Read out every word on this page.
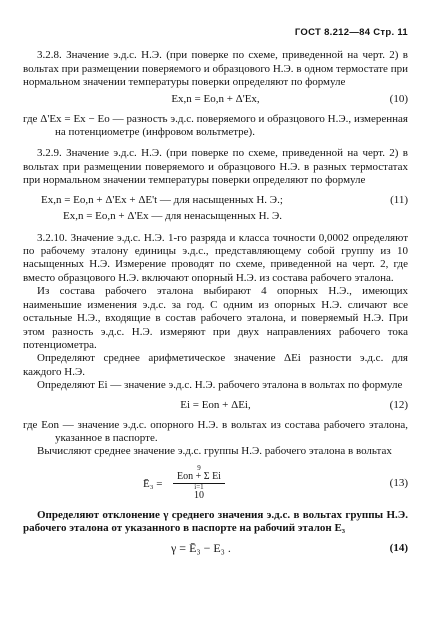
ГОСТ 8.212—84 Стр. 11

3.2.8. Значение э.д.с. Н.Э. (при поверке по схеме, приведенной на черт. 2) в вольтах при размещении поверяемого и образцового Н.Э. в одном термостате при нормальном значении температуры поверки определяют по формуле

Ex,n = Eo,n + Δ'Ex,	(10)

где Δ'Ex = Ex − Eo — разность э.д.с. поверяемого и образцового Н.Э., измеренная на потенциометре (инфровом вольтметре).

3.2.9. Значение э.д.с. Н.Э. (при поверке по схеме, приведенной на черт. 2) в вольтах при размещении поверяемого и образцового Н.Э. в разных термостатах при нормальном значении температуры поверки определяют по формуле

Ex,n = Eo,n + Δ'Ex + ΔE't — для насыщенных Н. Э.;	(11)
Ex,n = Eo,n + Δ'Ex — для ненасыщенных Н. Э.

3.2.10. Значение э.д.с. Н.Э. 1-го разряда и класса точности 0,0002 определяют по рабочему эталону единицы э.д.с., представляющему собой группу из 10 насыщенных Н.Э. Измерение проводят по схеме, приведенной на черт. 2, где вместо образцового Н.Э. включают опорный Н.Э. из состава рабочего эталона.

Из состава рабочего эталона выбирают 4 опорных Н.Э., имеющих наименьшие изменения э.д.с. за год. С одним из опорных Н.Э. сличают все остальные Н.Э., входящие в состав рабочего эталона, и поверяемый Н.Э. При этом разность э.д.с. Н.Э. измеряют при двух направлениях рабочего тока потенциометра.

Определяют среднее арифметическое значение ΔEi разности э.д.с. для каждого Н.Э.

Определяют Ei — значение э.д.с. Н.Э. рабочего эталона в вольтах по формуле

Ei = Eon + ΔEi,	(12)

где Eon — значение э.д.с. опорного Н.Э. в вольтах из состава рабочего эталона, указанное в паспорте.

Вычисляют среднее значение э.д.с. группы Н.Э. рабочего эталона в вольтах

Ē₃ =
9
Eon + Σ Ei
i=1
10
(13)

Определяют отклонение γ среднего значения э.д.с. в вольтах группы Н.Э. рабочего эталона от указанного в паспорте на рабочий эталон E₃

γ = Ē₃ − E₃ .	(14)
